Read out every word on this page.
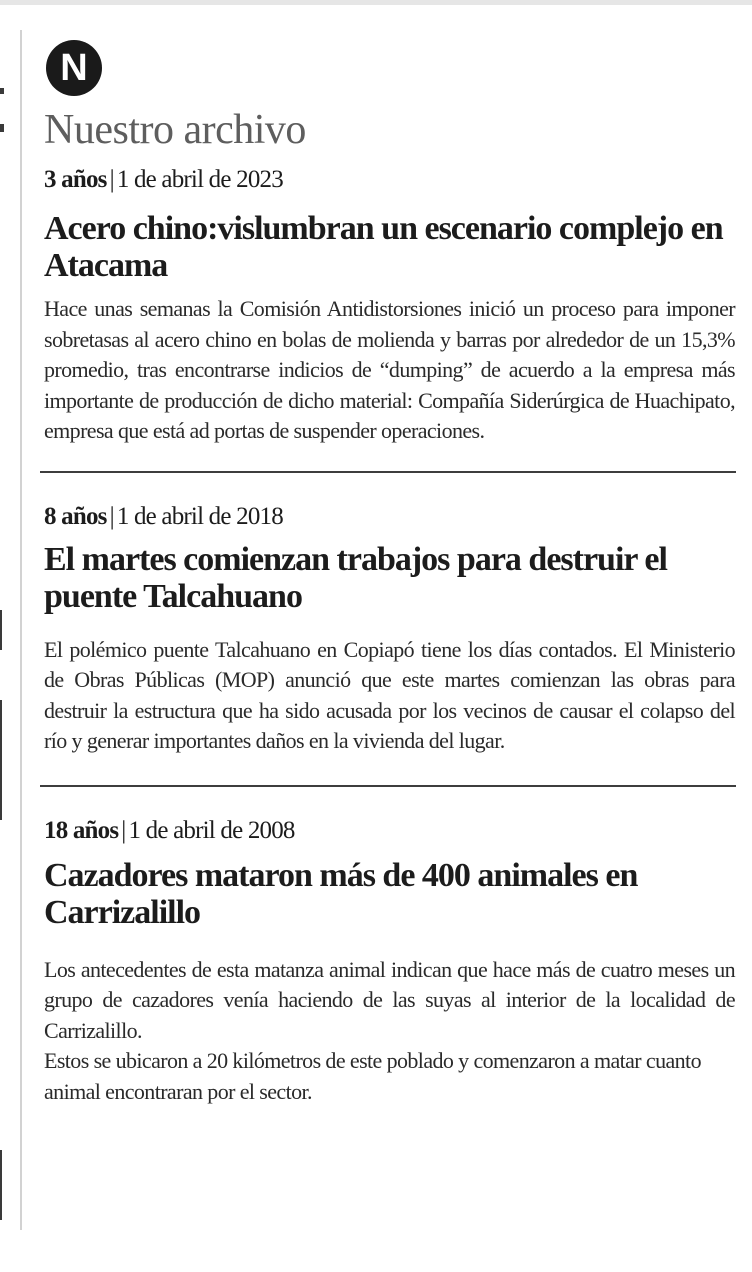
N
Nuestro archivo
3 años | 1 de abril de 2023
Acero chino:vislumbran un escenario complejo en Atacama

Hace unas semanas la Comisión Antidistorsiones inició un proceso para imponer sobretasas al acero chino en bolas de molienda y barras por alrededor de un 15,3% promedio, tras encontrarse indicios de “dumping” de acuerdo a la empresa más importante de producción de dicho material: Compañía Siderúrgica de Huachipato, empresa que está ad portas de suspender operaciones.

8 años | 1 de abril de 2018
El martes comienzan trabajos para destruir el puente Talcahuano

El polémico puente Talcahuano en Copiapó tiene los días contados. El Ministerio de Obras Públicas (MOP) anunció que este martes comienzan las obras para destruir la estructura que ha sido acusada por los vecinos de causar el colapso del río y generar importantes daños en la vivienda del lugar.

18 años | 1 de abril de 2008
Cazadores mataron más de 400 animales en Carrizalillo

Los antecedentes de esta matanza animal indican que hace más de cuatro meses un grupo de cazadores venía haciendo de las suyas al interior de la localidad de Carrizalillo.

Estos se ubicaron a 20 kilómetros de este poblado y comenzaron a matar cuanto animal encontraran por el sector.
